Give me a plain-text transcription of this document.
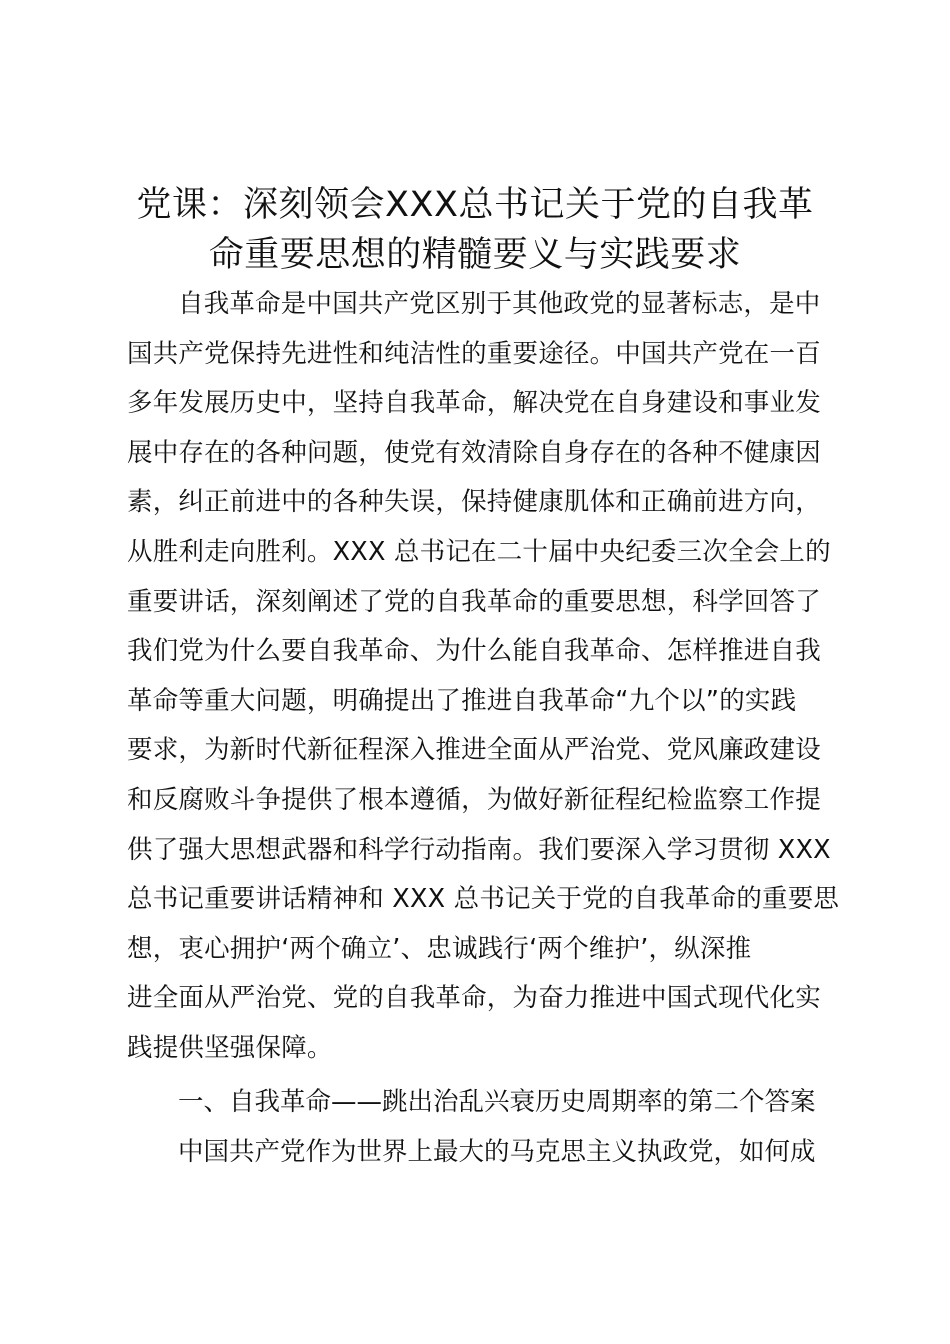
党课：深刻领会XXX总书记关于党的自我革
命重要思想的精髓要义与实践要求
自我革命是中国共产党区别于其他政党的显著标志，是中
国共产党保持先进性和纯洁性的重要途径。中国共产党在一百
多年发展历史中，坚持自我革命，解决党在自身建设和事业发
展中存在的各种问题，使党有效清除自身存在的各种不健康因
素，纠正前进中的各种失误，保持健康肌体和正确前进方向，
从胜利走向胜利。XXX 总书记在二十届中央纪委三次全会上的
重要讲话，深刻阐述了党的自我革命的重要思想，科学回答了
我们党为什么要自我革命、为什么能自我革命、怎样推进自我
革命等重大问题，明确提出了推进自我革命“九个以”的实践
要求，为新时代新征程深入推进全面从严治党、党风廉政建设
和反腐败斗争提供了根本遵循，为做好新征程纪检监察工作提
供了强大思想武器和科学行动指南。我们要深入学习贯彻 XXX
总书记重要讲话精神和 XXX 总书记关于党的自我革命的重要思
想，衷心拥护‘两个确立’、忠诚践行‘两个维护’，纵深推
进全面从严治党、党的自我革命，为奋力推进中国式现代化实
践提供坚强保障。
一、自我革命——跳出治乱兴衰历史周期率的第二个答案
中国共产党作为世界上最大的马克思主义执政党，如何成
